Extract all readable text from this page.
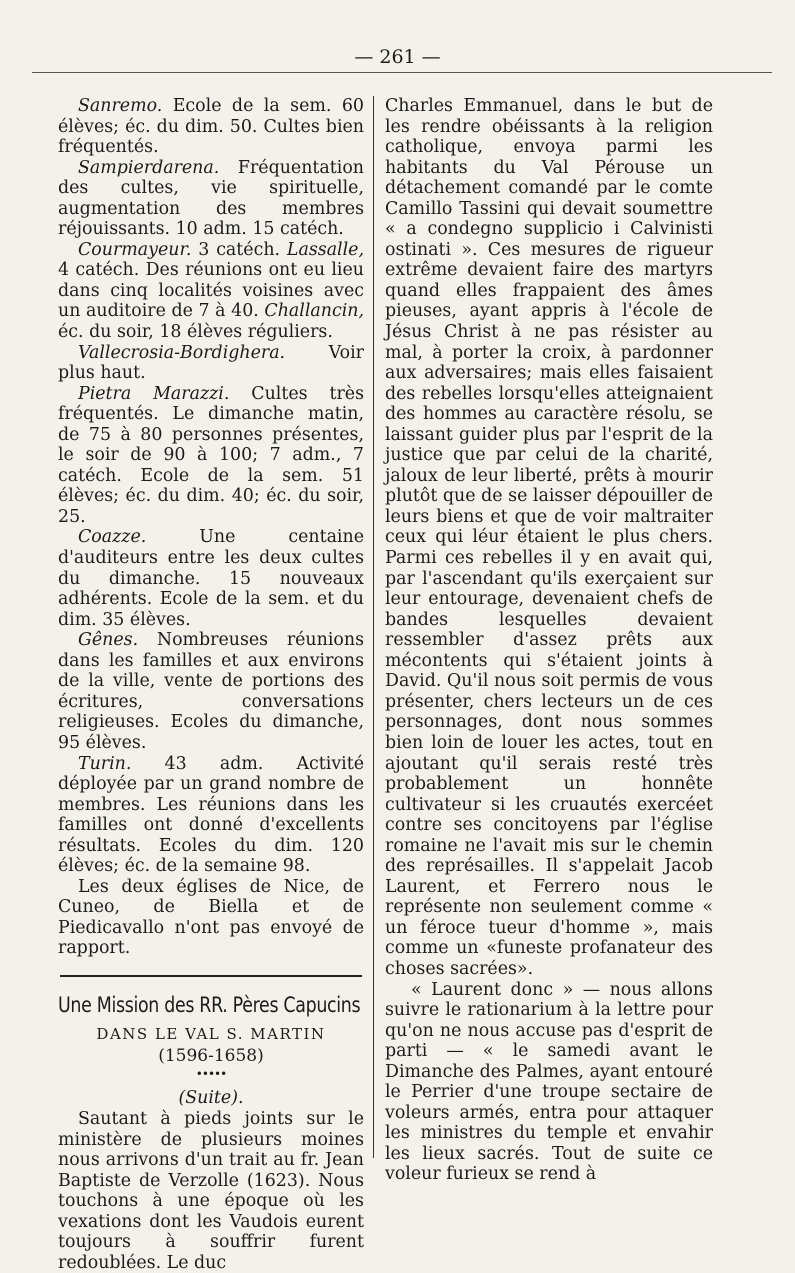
— 261 —

Sanremo. Ecole de la sem. 60 élèves; éc. du dim. 50. Cultes bien fréquentés.

Sampierdarena. Fréquentation des cultes, vie spirituelle, augmentation des membres réjouissants. 10 adm. 15 catéch.

Courmayeur. 3 catéch. Lassalle, 4 catéch. Des réunions ont eu lieu dans cinq localités voisines avec un auditoire de 7 à 40. Challancin, éc. du soir, 18 élèves réguliers.

Vallecrosia-Bordighera. Voir plus haut.

Pietra Marazzi. Cultes très fréquentés. Le dimanche matin, de 75 à 80 personnes présentes, le soir de 90 à 100; 7 adm., 7 catéch. Ecole de la sem. 51 élèves; éc. du dim. 40; éc. du soir, 25.

Coazze. Une centaine d'auditeurs entre les deux cultes du dimanche. 15 nouveaux adhérents. Ecole de la sem. et du dim. 35 élèves.

Gênes. Nombreuses réunions dans les familles et aux environs de la ville, vente de portions des écritures, conversations religieuses. Ecoles du dimanche, 95 élèves.

Turin. 43 adm. Activité déployée par un grand nombre de membres. Les réunions dans les familles ont donné d'excellents résultats. Ecoles du dim. 120 élèves; éc. de la semaine 98.

Les deux églises de Nice, de Cuneo, de Biella et de Piedicavallo n'ont pas envoyé de rapport.

Une Mission des RR. Pères Capucins
DANS LE VAL S. MARTIN
(1596-1658)
•••••
(Suite).

Sautant à pieds joints sur le ministère de plusieurs moines nous arrivons d'un trait au fr. Jean Baptiste de Verzolle (1623). Nous touchons à une époque où les vexations dont les Vaudois eurent toujours à souffrir furent redoublées. Le duc

Charles Emmanuel, dans le but de les rendre obéissants à la religion catholique, envoya parmi les habitants du Val Pérouse un détachement comandé par le comte Camillo Tassini qui devait soumettre « a condegno supplicio i Calvinisti ostinati ». Ces mesures de rigueur extrême devaient faire des martyrs quand elles frappaient des âmes pieuses, ayant appris à l'école de Jésus Christ à ne pas résister au mal, à porter la croix, à pardonner aux adversaires; mais elles faisaient des rebelles lorsqu'elles atteignaient des hommes au caractère résolu, se laissant guider plus par l'esprit de la justice que par celui de la charité, jaloux de leur liberté, prêts à mourir plutôt que de se laisser dépouiller de leurs biens et que de voir maltraiter ceux qui léur étaient le plus chers. Parmi ces rebelles il y en avait qui, par l'ascendant qu'ils exerçaient sur leur entourage, devenaient chefs de bandes lesquelles devaient ressembler d'assez prêts aux mécontents qui s'étaient joints à David. Qu'il nous soit permis de vous présenter, chers lecteurs un de ces personnages, dont nous sommes bien loin de louer les actes, tout en ajoutant qu'il serais resté très probablement un honnête cultivateur si les cruautés exercéet contre ses concitoyens par l'église romaine ne l'avait mis sur le chemin des représailles. Il s'appelait Jacob Laurent, et Ferrero nous le représente non seulement comme « un féroce tueur d'homme », mais comme un «funeste profanateur des choses sacrées».

« Laurent donc » — nous allons suivre le rationarium à la lettre pour qu'on ne nous accuse pas d'esprit de parti — « le samedi avant le Dimanche des Palmes, ayant entouré le Perrier d'une troupe sectaire de voleurs armés, entra pour attaquer les ministres du temple et envahir les lieux sacrés. Tout de suite ce voleur furieux se rend à
